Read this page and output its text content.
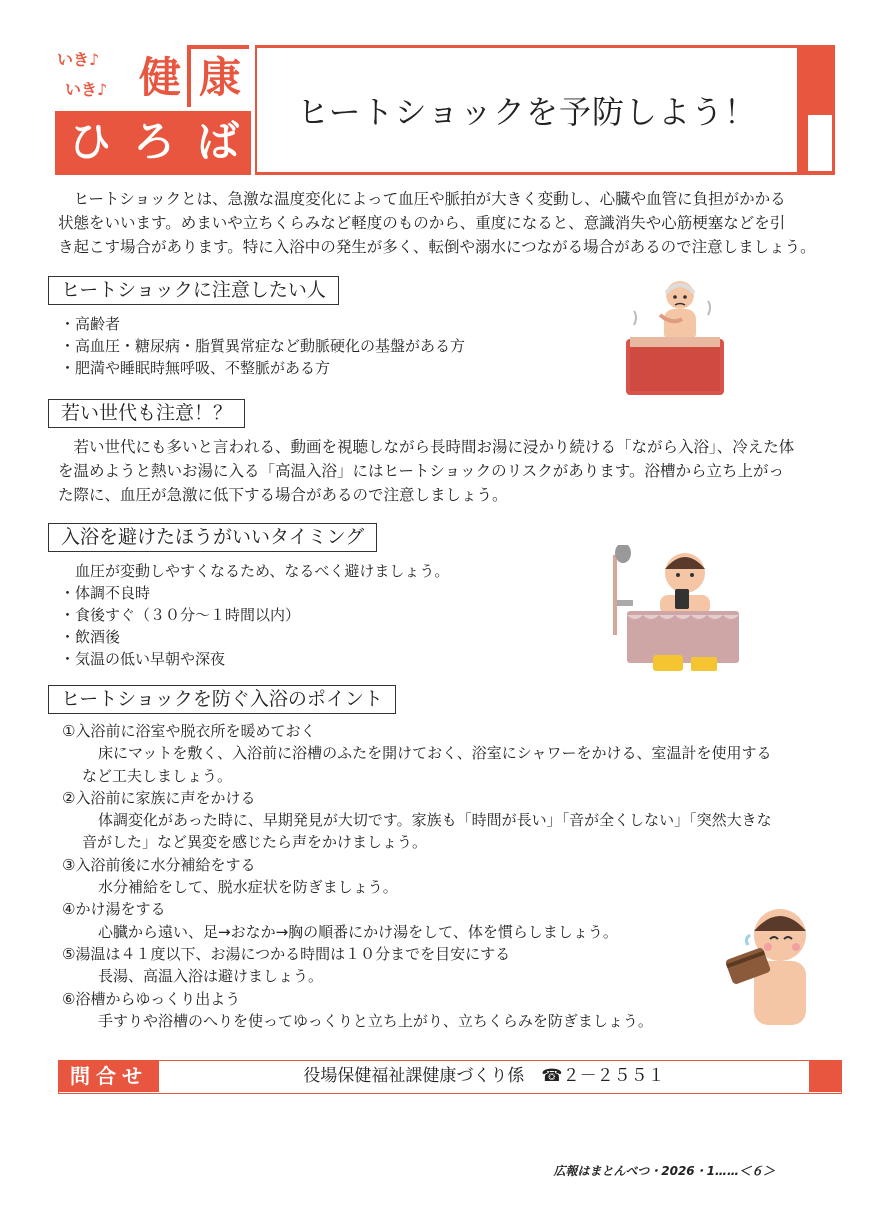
いき♪
いき♪ 健 康
ひ ろ ば
ヒートショックを予防しよう！
　ヒートショックとは、急激な温度変化によって血圧や脈拍が大きく変動し、心臓や血管に負担がかかる
状態をいいます。めまいや立ちくらみなど軽度のものから、重度になると、意識消失や心筋梗塞などを引
き起こす場合があります。特に入浴中の発生が多く、転倒や溺水につながる場合があるので注意しましょう。
ヒートショックに注意したい人
・高齢者
・高血圧・糖尿病・脂質異常症など動脈硬化の基盤がある方
・肥満や睡眠時無呼吸、不整脈がある方
若い世代も注意！？
　若い世代にも多いと言われる、動画を視聴しながら長時間お湯に浸かり続ける「ながら入浴」、冷えた体
を温めようと熱いお湯に入る「高温入浴」にはヒートショックのリスクがあります。浴槽から立ち上がっ
た際に、血圧が急激に低下する場合があるので注意しましょう。
入浴を避けたほうがいいタイミング
　血圧が変動しやすくなるため、なるべく避けましょう。
・体調不良時
・食後すぐ（３０分～１時間以内）
・飲酒後
・気温の低い早朝や深夜
ヒートショックを防ぐ入浴のポイント
①入浴前に浴室や脱衣所を暖めておく
床にマットを敷く、入浴前に浴槽のふたを開けておく、浴室にシャワーをかける、室温計を使用する
など工夫しましょう。
②入浴前に家族に声をかける
体調変化があった時に、早期発見が大切です。家族も「時間が長い」「音が全くしない」「突然大きな
音がした」など異変を感じたら声をかけましょう。
③入浴前後に水分補給をする
水分補給をして、脱水症状を防ぎましょう。
④かけ湯をする
心臓から遠い、足→おなか→胸の順番にかけ湯をして、体を慣らしましょう。
⑤湯温は４１度以下、お湯につかる時間は１０分までを目安にする
長湯、高温入浴は避けましょう。
⑥浴槽からゆっくり出よう
手すりや浴槽のへりを使ってゆっくりと立ち上がり、立ちくらみを防ぎましょう。
問合せ	役場保健福祉課健康づくり係　☎２－２５５１
広報はまとんべつ・2026・1……＜６＞
